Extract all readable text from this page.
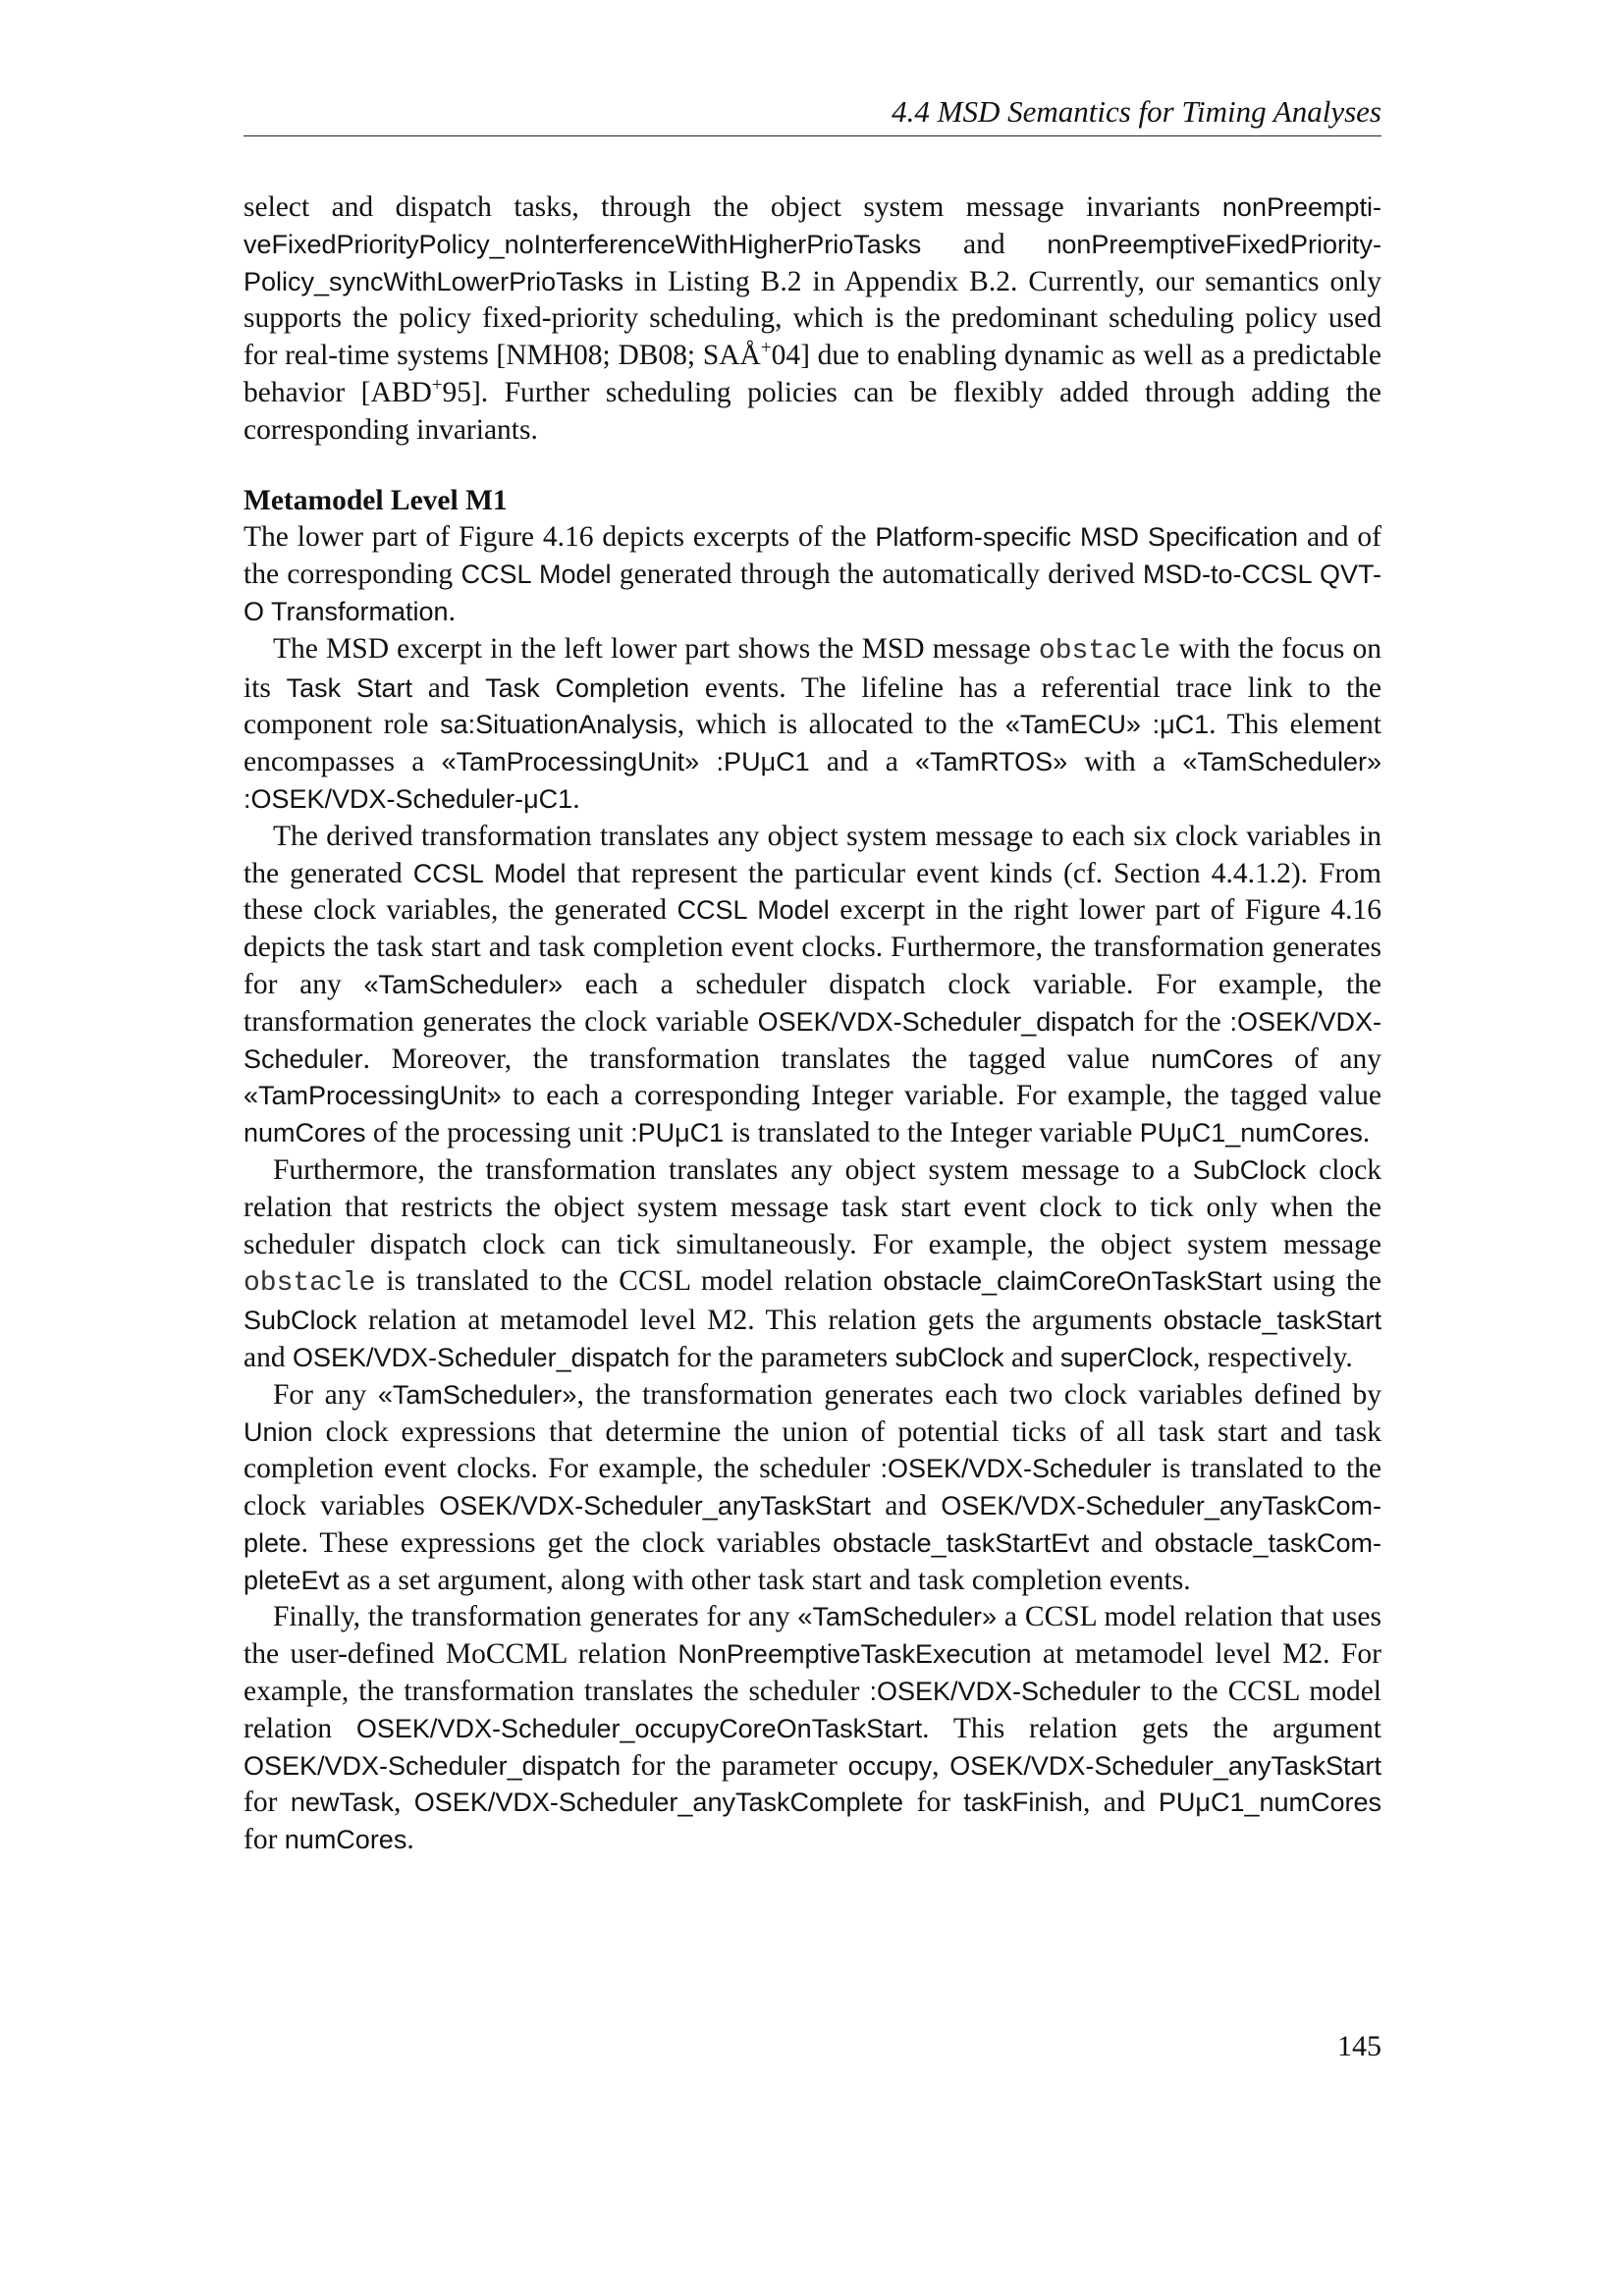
4.4 MSD Semantics for Timing Analyses

select and dispatch tasks, through the object system message invariants nonPreemptiveFixedPriorityPolicy_noInterferenceWithHigherPrioTasks and nonPreemptiveFixedPriorityPolicy_syncWithLowerPrioTasks in Listing B.2 in Appendix B.2. Currently, our semantics only supports the policy fixed-priority scheduling, which is the predominant scheduling policy used for real-time systems [NMH08; DB08; SAÅ+04] due to enabling dynamic as well as a predictable behavior [ABD+95]. Further scheduling policies can be flexibly added through adding the corresponding invariants.

Metamodel Level M1

The lower part of Figure 4.16 depicts excerpts of the Platform-specific MSD Specification and of the corresponding CCSL Model generated through the automatically derived MSD-to-CCSL QVT-O Transformation.

The MSD excerpt in the left lower part shows the MSD message obstacle with the focus on its Task Start and Task Completion events. The lifeline has a referential trace link to the component role sa:SituationAnalysis, which is allocated to the «TamECU» :μC1. This element encompasses a «TamProcessingUnit» :PUμC1 and a «TamRTOS» with a «TamScheduler» :OSEK/VDX-Scheduler-μC1.

The derived transformation translates any object system message to each six clock variables in the generated CCSL Model that represent the particular event kinds (cf. Section 4.4.1.2). From these clock variables, the generated CCSL Model excerpt in the right lower part of Figure 4.16 depicts the task start and task completion event clocks. Furthermore, the transformation generates for any «TamScheduler» each a scheduler dispatch clock variable. For example, the transformation generates the clock variable OSEK/VDX-Scheduler_dispatch for the :OSEK/VDX-Scheduler. Moreover, the transformation translates the tagged value numCores of any «TamProcessingUnit» to each a corresponding Integer variable. For example, the tagged value numCores of the processing unit :PUμC1 is translated to the Integer variable PUμC1_numCores.

Furthermore, the transformation translates any object system message to a SubClock clock relation that restricts the object system message task start event clock to tick only when the scheduler dispatch clock can tick simultaneously. For example, the object system message obstacle is translated to the CCSL model relation obstacle_claimCoreOnTaskStart using the SubClock relation at metamodel level M2. This relation gets the arguments obstacle_taskStart and OSEK/VDX-Scheduler_dispatch for the parameters subClock and superClock, respectively.

For any «TamScheduler», the transformation generates each two clock variables defined by Union clock expressions that determine the union of potential ticks of all task start and task completion event clocks. For example, the scheduler :OSEK/VDX-Scheduler is translated to the clock variables OSEK/VDX-Scheduler_anyTaskStart and OSEK/VDX-Scheduler_anyTaskComplete. These expressions get the clock variables obstacle_taskStartEvt and obstacle_taskCompleteEvt as a set argument, along with other task start and task completion events.

Finally, the transformation generates for any «TamScheduler» a CCSL model relation that uses the user-defined MoCCML relation NonPreemptiveTaskExecution at metamodel level M2. For example, the transformation translates the scheduler :OSEK/VDX-Scheduler to the CCSL model relation OSEK/VDX-Scheduler_occupyCoreOnTaskStart. This relation gets the argument OSEK/VDX-Scheduler_dispatch for the parameter occupy, OSEK/VDX-Scheduler_anyTaskStart for newTask, OSEK/VDX-Scheduler_anyTaskComplete for taskFinish, and PUμC1_numCores for numCores.

145
